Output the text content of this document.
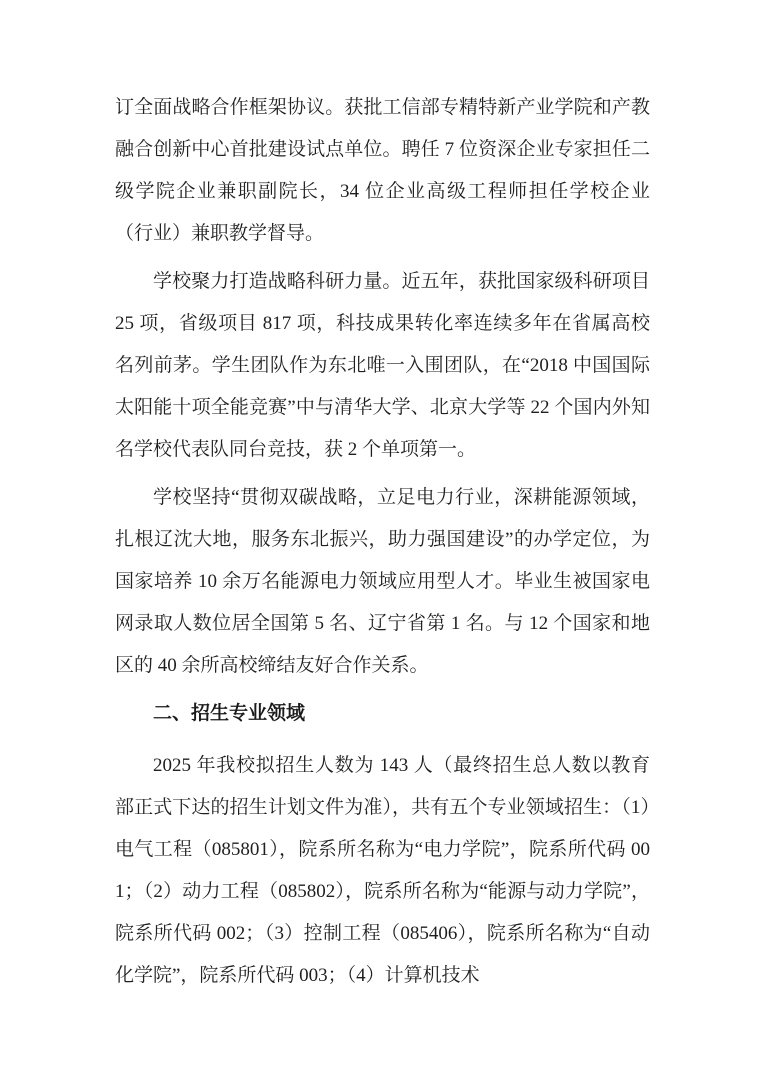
订全面战略合作框架协议。获批工信部专精特新产业学院和产教融合创新中心首批建设试点单位。聘任 7 位资深企业专家担任二级学院企业兼职副院长，34 位企业高级工程师担任学校企业（行业）兼职教学督导。

学校聚力打造战略科研力量。近五年，获批国家级科研项目 25 项，省级项目 817 项，科技成果转化率连续多年在省属高校名列前茅。学生团队作为东北唯一入围团队，在“2018 中国国际太阳能十项全能竞赛”中与清华大学、北京大学等 22 个国内外知名学校代表队同台竞技，获 2 个单项第一。

学校坚持“贯彻双碳战略，立足电力行业，深耕能源领域，扎根辽沈大地，服务东北振兴，助力强国建设”的办学定位，为国家培养 10 余万名能源电力领域应用型人才。毕业生被国家电网录取人数位居全国第 5 名、辽宁省第 1 名。与 12 个国家和地区的 40 余所高校缔结友好合作关系。

二、招生专业领域

2025 年我校拟招生人数为 143 人（最终招生总人数以教育部正式下达的招生计划文件为准），共有五个专业领域招生：（1）电气工程（085801），院系所名称为“电力学院”，院系所代码 001；（2）动力工程（085802），院系所名称为“能源与动力学院”，院系所代码 002；（3）控制工程（085406），院系所名称为“自动化学院”，院系所代码 003；（4）计算机技术
